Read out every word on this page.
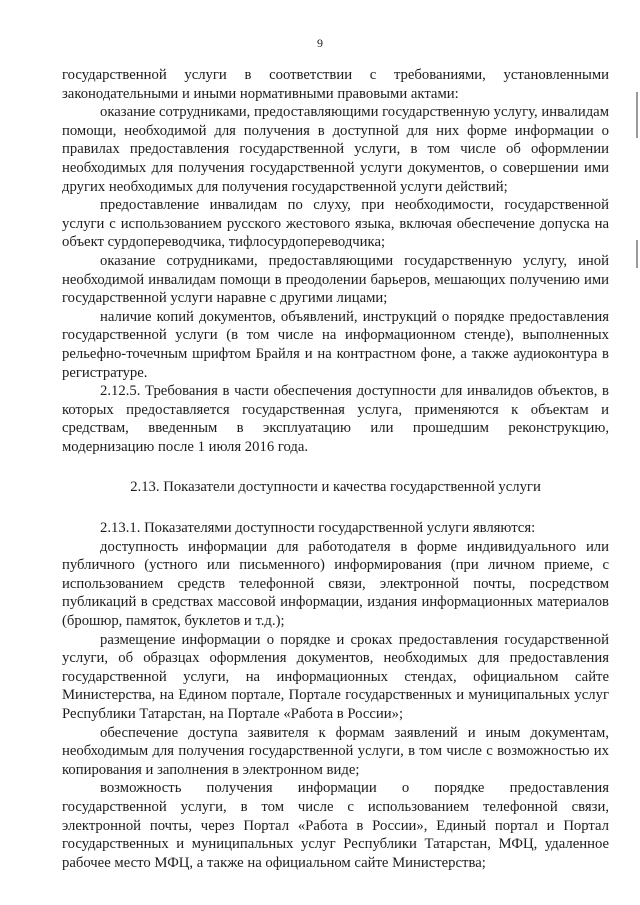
9

государственной услуги в соответствии с требованиями, установленными законодательными и иными нормативными правовыми актами:

оказание сотрудниками, предоставляющими государственную услугу, инвалидам помощи, необходимой для получения в доступной для них форме информации о правилах предоставления государственной услуги, в том числе об оформлении необходимых для получения государственной услуги документов, о совершении ими других необходимых для получения государственной услуги действий;

предоставление инвалидам по слуху, при необходимости, государственной услуги с использованием русского жестового языка, включая обеспечение допуска на объект сурдопереводчика, тифлосурдопереводчика;

оказание сотрудниками, предоставляющими государственную услугу, иной необходимой инвалидам помощи в преодолении барьеров, мешающих получению ими государственной услуги наравне с другими лицами;

наличие копий документов, объявлений, инструкций о порядке предоставления государственной услуги (в том числе на информационном стенде), выполненных рельефно-точечным шрифтом Брайля и на контрастном фоне, а также аудиоконтура в регистратуре.

2.12.5. Требования в части обеспечения доступности для инвалидов объектов, в которых предоставляется государственная услуга, применяются к объектам и средствам, введенным в эксплуатацию или прошедшим реконструкцию, модернизацию после 1 июля 2016 года.

2.13. Показатели доступности и качества государственной услуги

2.13.1. Показателями доступности государственной услуги являются:

доступность информации для работодателя в форме индивидуального или публичного (устного или письменного) информирования (при личном приеме, с использованием средств телефонной связи, электронной почты, посредством публикаций в средствах массовой информации, издания информационных материалов (брошюр, памяток, буклетов и т.д.);

размещение информации о порядке и сроках предоставления государственной услуги, об образцах оформления документов, необходимых для предоставления государственной услуги, на информационных стендах, официальном сайте Министерства, на Едином портале, Портале государственных и муниципальных услуг Республики Татарстан, на Портале «Работа в России»;

обеспечение доступа заявителя к формам заявлений и иным документам, необходимым для получения государственной услуги, в том числе с возможностью их копирования и заполнения в электронном виде;

возможность получения информации о порядке предоставления государственной услуги, в том числе с использованием телефонной связи, электронной почты, через Портал «Работа в России», Единый портал и Портал государственных и муниципальных услуг Республики Татарстан, МФЦ, удаленное рабочее место МФЦ, а также на официальном сайте Министерства;
